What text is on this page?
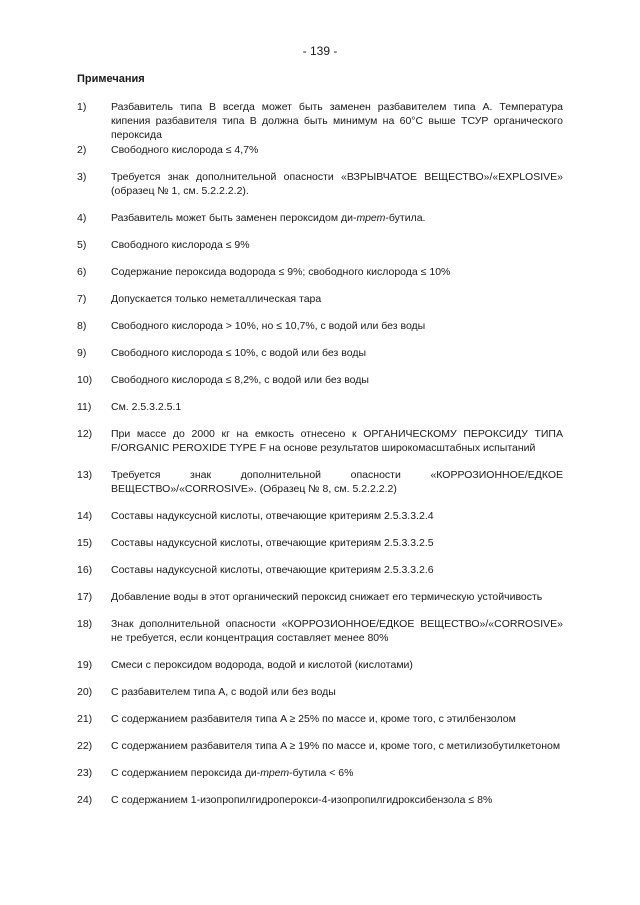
- 139 -
Примечания
1) Разбавитель типа B всегда может быть заменен разбавителем типа A. Температура кипения разбавителя типа B должна быть минимум на 60°C выше ТСУР органического пероксида
2) Свободного кислорода ≤ 4,7%
3) Требуется знак дополнительной опасности «ВЗРЫВЧАТОЕ ВЕЩЕСТВО»/«EXPLOSIVE» (образец № 1, см. 5.2.2.2.2).
4) Разбавитель может быть заменен пероксидом ди-трет-бутила.
5) Свободного кислорода ≤ 9%
6) Содержание пероксида водорода ≤ 9%; свободного кислорода ≤ 10%
7) Допускается только неметаллическая тара
8) Свободного кислорода > 10%, но ≤ 10,7%, с водой или без воды
9) Свободного кислорода ≤ 10%, с водой или без воды
10) Свободного кислорода ≤ 8,2%, с водой или без воды
11) См. 2.5.3.2.5.1
12) При массе до 2000 кг на емкость отнесено к ОРГАНИЧЕСКОМУ ПЕРОКСИДУ ТИПА F/ORGANIC PEROXIDE TYPE F на основе результатов широкомасштабных испытаний
13) Требуется знак дополнительной опасности «КОРРОЗИОННОЕ/ЕДКОЕ ВЕЩЕСТВО»/«CORROSIVE». (Образец № 8, см. 5.2.2.2.2)
14) Составы надуксусной кислоты, отвечающие критериям 2.5.3.3.2.4
15) Составы надуксусной кислоты, отвечающие критериям 2.5.3.3.2.5
16) Составы надуксусной кислоты, отвечающие критериям 2.5.3.3.2.6
17) Добавление воды в этот органический пероксид снижает его термическую устойчивость
18) Знак дополнительной опасности «КОРРОЗИОННОЕ/ЕДКОЕ ВЕЩЕСТВО»/«CORROSIVE» не требуется, если концентрация составляет менее 80%
19) Смеси с пероксидом водорода, водой и кислотой (кислотами)
20) С разбавителем типа A, с водой или без воды
21) С содержанием разбавителя типа A ≥ 25% по массе и, кроме того, с этилбензолом
22) С содержанием разбавителя типа A ≥ 19% по массе и, кроме того, с метилизобутилкетоном
23) С содержанием пероксида ди-трет-бутила < 6%
24) С содержанием 1-изопропилгидроперокси-4-изопропилгидроксибензола ≤ 8%
